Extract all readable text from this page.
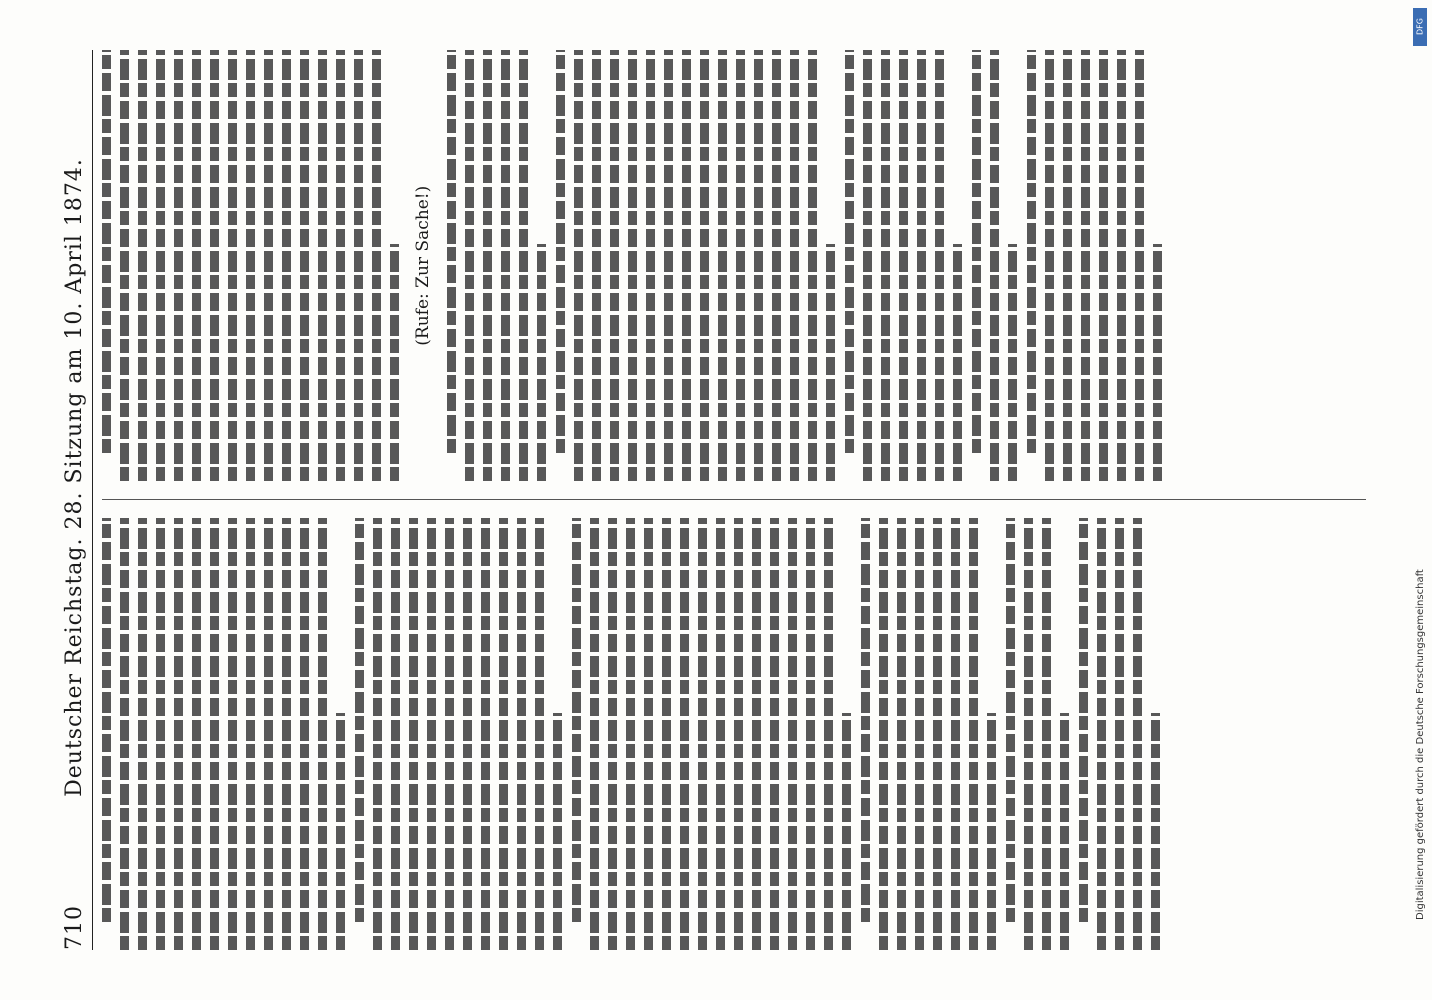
710
Deutscher Reichstag. 28. Sitzung am 10. April 1874.	(Rufe: Zur Sache!)
DFG
Digitalisierung gefördert durch die Deutsche Forschungsgemeinschaft
